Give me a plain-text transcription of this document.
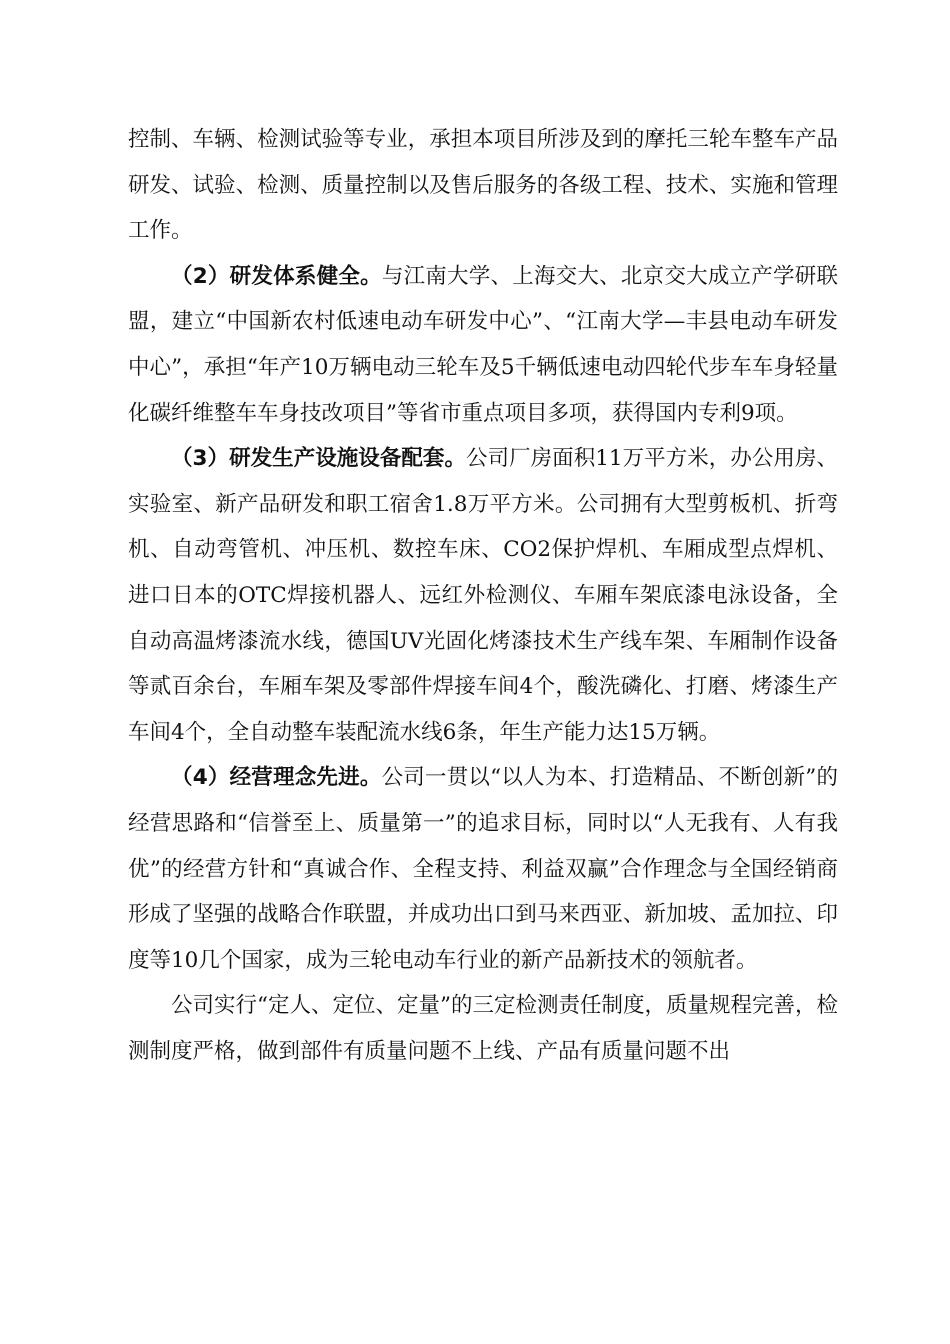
控制、车辆、检测试验等专业，承担本项目所涉及到的摩托三轮车整车产品研发、试验、检测、质量控制以及售后服务的各级工程、技术、实施和管理工作。

（2）研发体系健全。与江南大学、上海交大、北京交大成立产学研联盟，建立“中国新农村低速电动车研发中心”、“江南大学—丰县电动车研发中心”，承担“年产10万辆电动三轮车及5千辆低速电动四轮代步车车身轻量化碳纤维整车车身技改项目”等省市重点项目多项，获得国内专利9项。

（3）研发生产设施设备配套。公司厂房面积11万平方米，办公用房、实验室、新产品研发和职工宿舍1.8万平方米。公司拥有大型剪板机、折弯机、自动弯管机、冲压机、数控车床、CO2保护焊机、车厢成型点焊机、进口日本的OTC焊接机器人、远红外检测仪、车厢车架底漆电泳设备，全自动高温烤漆流水线，德国UV光固化烤漆技术生产线车架、车厢制作设备等贰百余台，车厢车架及零部件焊接车间4个，酸洗磷化、打磨、烤漆生产车间4个，全自动整车装配流水线6条，年生产能力达15万辆。

（4）经营理念先进。公司一贯以“以人为本、打造精品、不断创新”的经营思路和“信誉至上、质量第一”的追求目标，同时以“人无我有、人有我优”的经营方针和“真诚合作、全程支持、利益双赢”合作理念与全国经销商形成了坚强的战略合作联盟，并成功出口到马来西亚、新加坡、孟加拉、印度等10几个国家，成为三轮电动车行业的新产品新技术的领航者。

公司实行“定人、定位、定量”的三定检测责任制度，质量规程完善，检测制度严格，做到部件有质量问题不上线、产品有质量问题不出
